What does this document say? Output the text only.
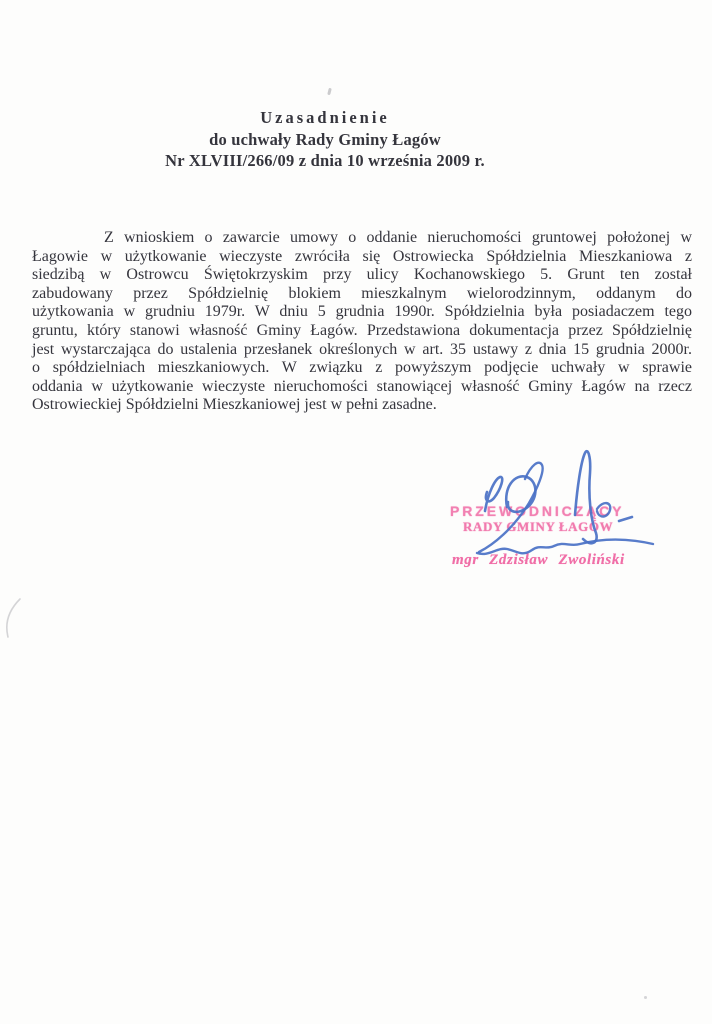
Uzasadnienie
do uchwały Rady Gminy Łagów
Nr XLVIII/266/09 z dnia 10 września 2009 r.
Z wnioskiem o zawarcie umowy o oddanie nieruchomości gruntowej położonej w
Łagowie w użytkowanie wieczyste zwróciła się Ostrowiecka Spółdzielnia Mieszkaniowa z
siedzibą w Ostrowcu Świętokrzyskim przy ulicy Kochanowskiego 5. Grunt ten został
zabudowany przez Spółdzielnię blokiem mieszkalnym wielorodzinnym, oddanym do
użytkowania w grudniu 1979r. W dniu 5 grudnia 1990r. Spółdzielnia była posiadaczem tego
gruntu, który stanowi własność Gminy Łagów. Przedstawiona dokumentacja przez Spółdzielnię
jest wystarczająca do ustalenia przesłanek określonych w art. 35 ustawy z dnia 15 grudnia 2000r.
o spółdzielniach mieszkaniowych. W związku z powyższym podjęcie uchwały w sprawie
oddania w użytkowanie wieczyste nieruchomości stanowiącej własność Gminy Łagów na rzecz
Ostrowieckiej Spółdzielni Mieszkaniowej jest w pełni zasadne.
PRZEWODNICZĄCY
RADY GMINY ŁAGÓW
mgr Zdzisław Zwoliński
